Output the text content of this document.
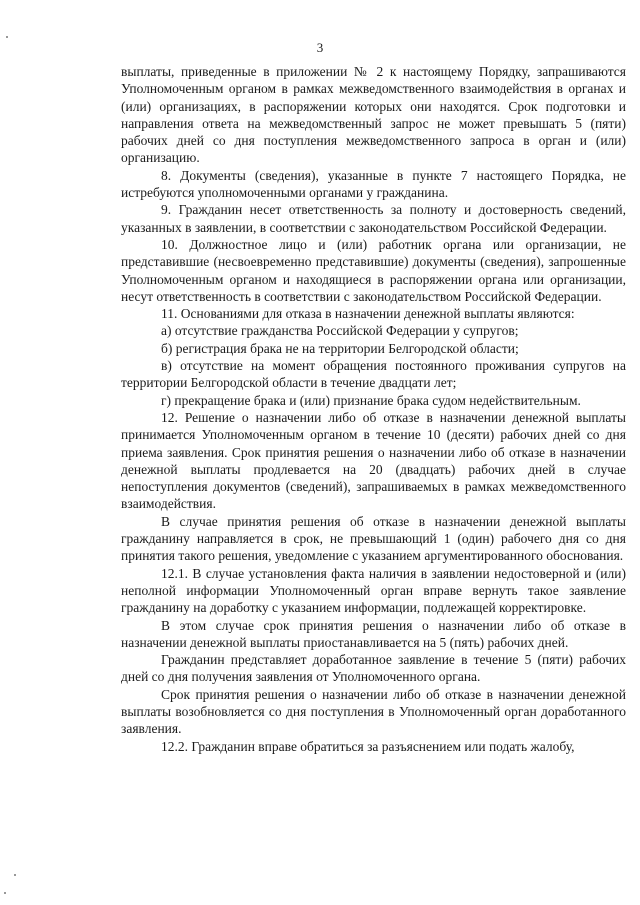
3

выплаты, приведенные в приложении № 2 к настоящему Порядку, запрашиваются Уполномоченным органом в рамках межведомственного взаимодействия в органах и (или) организациях, в распоряжении которых они находятся. Срок подготовки и направления ответа на межведомственный запрос не может превышать 5 (пяти) рабочих дней со дня поступления межведомственного запроса в орган и (или) организацию.

8. Документы (сведения), указанные в пункте 7 настоящего Порядка, не истребуются уполномоченными органами у гражданина.

9. Гражданин несет ответственность за полноту и достоверность сведений, указанных в заявлении, в соответствии с законодательством Российской Федерации.

10. Должностное лицо и (или) работник органа или организации, не представившие (несвоевременно представившие) документы (сведения), запрошенные Уполномоченным органом и находящиеся в распоряжении органа или организации, несут ответственность в соответствии с законодательством Российской Федерации.

11. Основаниями для отказа в назначении денежной выплаты являются:

а) отсутствие гражданства Российской Федерации у супругов;

б) регистрация брака не на территории Белгородской области;

в) отсутствие на момент обращения постоянного проживания супругов на территории Белгородской области в течение двадцати лет;

г) прекращение брака и (или) признание брака судом недействительным.

12. Решение о назначении либо об отказе в назначении денежной выплаты принимается Уполномоченным органом в течение 10 (десяти) рабочих дней со дня приема заявления. Срок принятия решения о назначении либо об отказе в назначении денежной выплаты продлевается на 20 (двадцать) рабочих дней в случае непоступления документов (сведений), запрашиваемых в рамках межведомственного взаимодействия.

В случае принятия решения об отказе в назначении денежной выплаты гражданину направляется в срок, не превышающий 1 (один) рабочего дня со дня принятия такого решения, уведомление с указанием аргументированного обоснования.

12.1. В случае установления факта наличия в заявлении недостоверной и (или) неполной информации Уполномоченный орган вправе вернуть такое заявление гражданину на доработку с указанием информации, подлежащей корректировке.

В этом случае срок принятия решения о назначении либо об отказе в назначении денежной выплаты приостанавливается на 5 (пять) рабочих дней.

Гражданин представляет доработанное заявление в течение 5 (пяти) рабочих дней со дня получения заявления от Уполномоченного органа.

Срок принятия решения о назначении либо об отказе в назначении денежной выплаты возобновляется со дня поступления в Уполномоченный орган доработанного заявления.

12.2. Гражданин вправе обратиться за разъяснением или подать жалобу,
